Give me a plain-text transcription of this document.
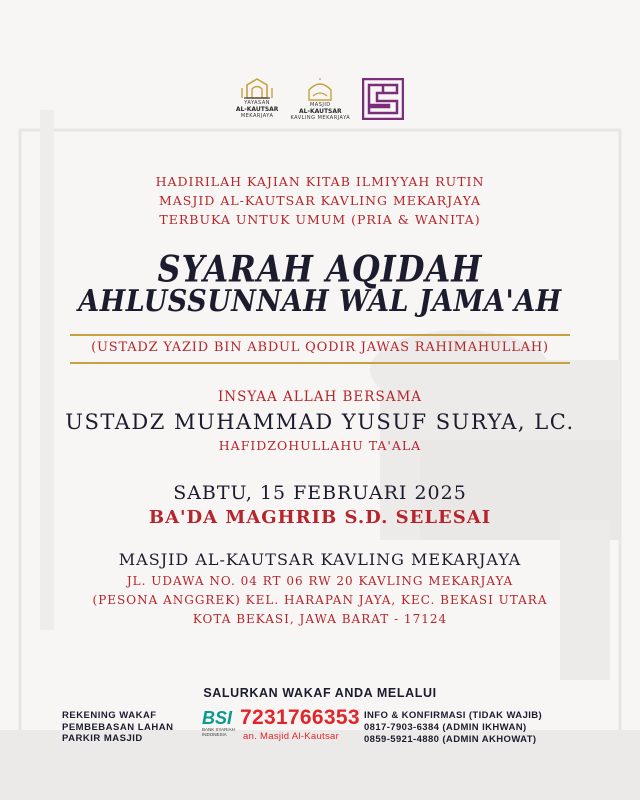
YAYASAN
AL-KAUTSAR
MEKARJAYA
MASJID
AL-KAUTSAR
KAVLING MEKARJAYA
HADIRILAH KAJIAN KITAB ILMIYYAH RUTIN
MASJID AL-KAUTSAR KAVLING MEKARJAYA
TERBUKA UNTUK UMUM (PRIA & WANITA)
SYARAH AQIDAH
AHLUSSUNNAH WAL JAMA'AH
(USTADZ YAZID BIN ABDUL QODIR JAWAS RAHIMAHULLAH)
INSYAA ALLAH BERSAMA
USTADZ MUHAMMAD YUSUF SURYA, LC.
HAFIDZOHULLAHU TA'ALA
SABTU, 15 FEBRUARI 2025
BA'DA MAGHRIB S.D. SELESAI
MASJID AL-KAUTSAR KAVLING MEKARJAYA
JL. UDAWA NO. 04 RT 06 RW 20 KAVLING MEKARJAYA
(PESONA ANGGREK) KEL. HARAPAN JAYA, KEC. BEKASI UTARA
KOTA BEKASI, JAWA BARAT - 17124
SALURKAN WAKAF ANDA MELALUI
REKENING WAKAF
PEMBEBASAN LAHAN
PARKIR MASJID
BSI
BANK SYARIAH INDONESIA
7231766353
an. Masjid Al-Kautsar
INFO & KONFIRMASI (TIDAK WAJIB)
0817-7903-6384 (ADMIN IKHWAN)
0859-5921-4880 (ADMIN AKHOWAT)
